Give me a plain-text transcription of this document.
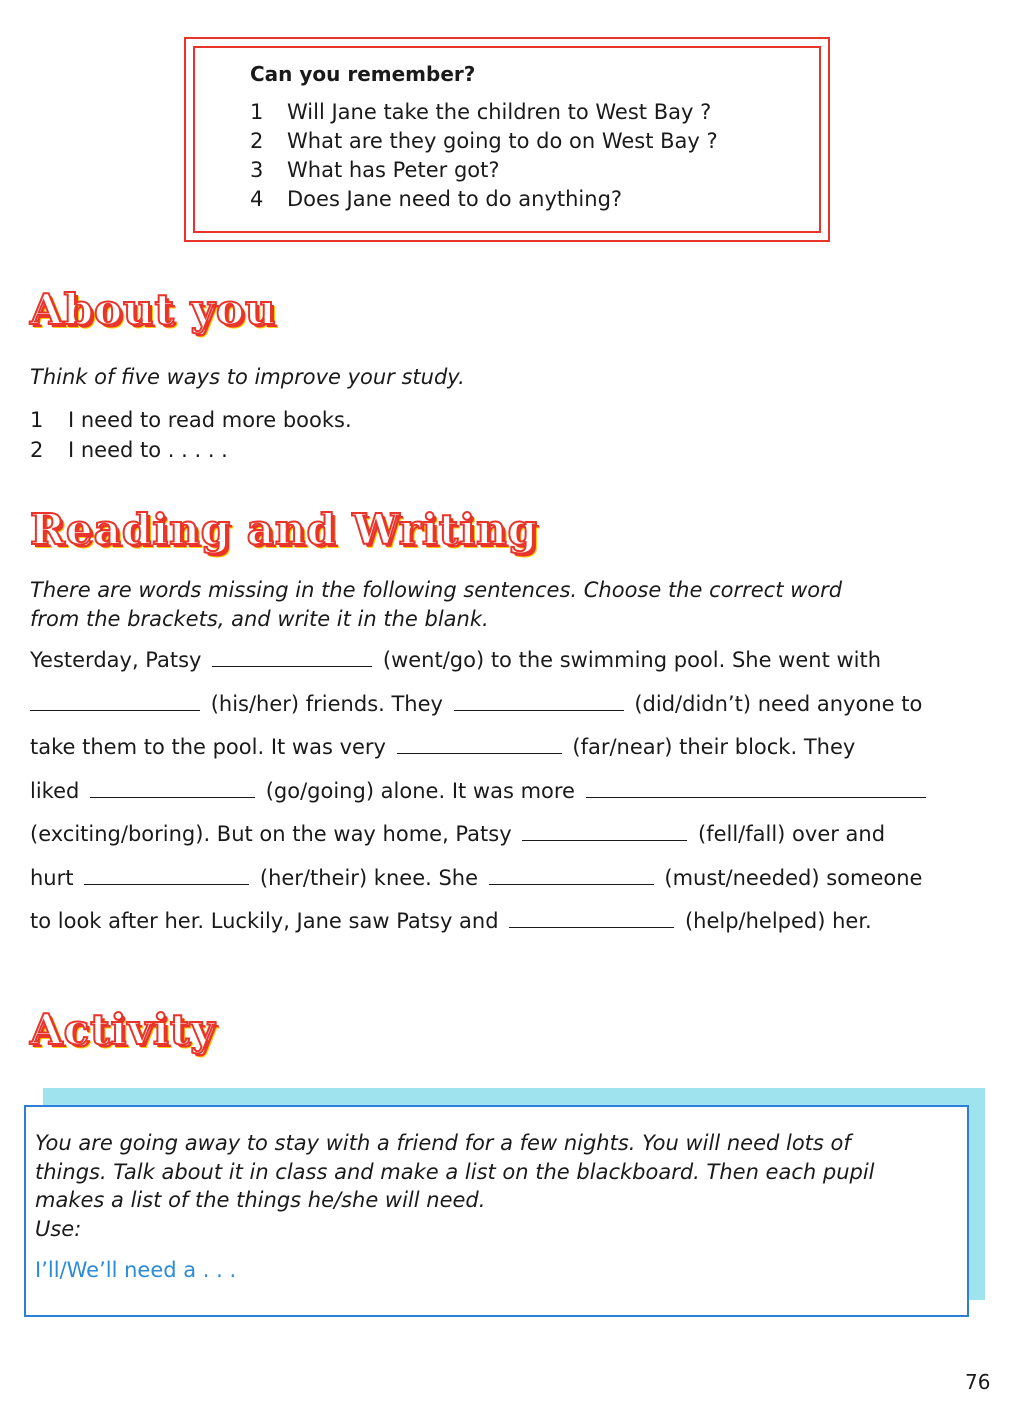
Can you remember?
1	Will Jane take the children to West Bay ?
2	What are they going to do on West Bay ?
3	What has Peter got?
4	Does Jane need to do anything?
About you
Think of five ways to improve your study.
1	I need to read more books.
2	I need to . . . . .
Reading and Writing
There are words missing in the following sentences. Choose the correct word
from the brackets, and write it in the blank.
Yesterday, Patsy	(went/go) to the swimming pool. She went with
(his/her) friends. They	(did/didn’t) need anyone to
take them to the pool. It was very	(far/near) their block. They
liked	(go/going) alone. It was more
(exciting/boring). But on the way home, Patsy	(fell/fall) over and
hurt	(her/their) knee. She	(must/needed) someone
to look after her. Luckily, Jane saw Patsy and	(help/helped) her.
Activity
You are going away to stay with a friend for a few nights. You will need lots of
things. Talk about it in class and make a list on the blackboard. Then each pupil
makes a list of the things he/she will need.
Use:
I’ll/We’ll need a . . .
76
